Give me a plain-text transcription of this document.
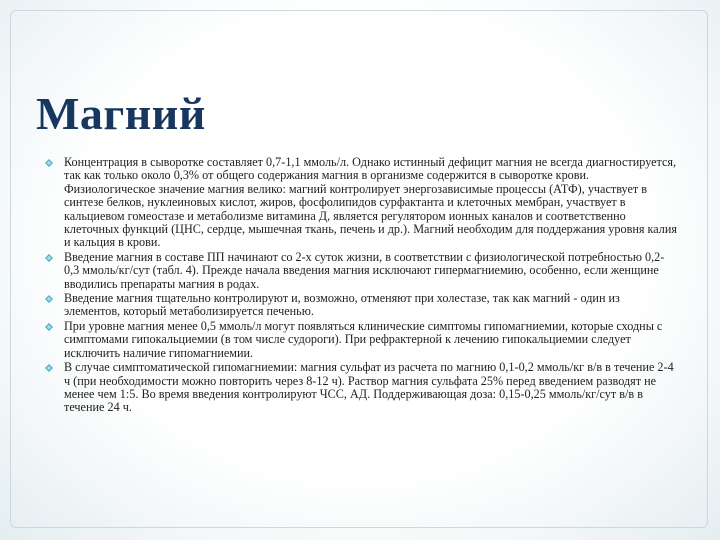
Магний
Концентрация в сыворотке составляет 0,7-1,1 ммоль/л. Однако истинный дефицит магния не всегда диагностируется, так как только около 0,3% от общего содержания магния в организме содержится в сыворотке крови. Физиологическое значение магния велико: магний контролирует энергозависимые процессы (АТФ), участвует в синтезе белков, нуклеиновых кислот, жиров, фосфолипидов сурфактанта и клеточных мембран, участвует в кальциевом гомеостазе и метаболизме витамина Д, является регулятором ионных каналов и соответственно клеточных функций (ЦНС, сердце, мышечная ткань, печень и др.). Магний необходим для поддержания уровня калия и кальция в крови.
Введение магния в составе ПП начинают со 2-х суток жизни, в соответствии с физиологической потребностью 0,2-0,3 ммоль/кг/сут (табл. 4). Прежде начала введения магния исключают гипермагниемию, особенно, если женщине вводились препараты магния в родах.
Введение магния тщательно контролируют и, возможно, отменяют при холестазе, так как магний - один из элементов, который метаболизируется печенью.
При уровне магния менее 0,5 ммоль/л могут появляться клинические симптомы гипомагниемии, которые сходны с симптомами гипокальциемии (в том числе судороги). При рефрактерной к лечению гипокальциемии следует исключить наличие гипомагниемии.
В случае симптоматической гипомагниемии: магния сульфат из расчета по магнию 0,1-0,2 ммоль/кг в/в в течение 2-4 ч (при необходимости можно повторить через 8-12 ч). Раствор магния сульфата 25% перед введением разводят не менее чем 1:5. Во время введения контролируют ЧСС, АД. Поддерживающая доза: 0,15-0,25 ммоль/кг/сут в/в в течение 24 ч.
